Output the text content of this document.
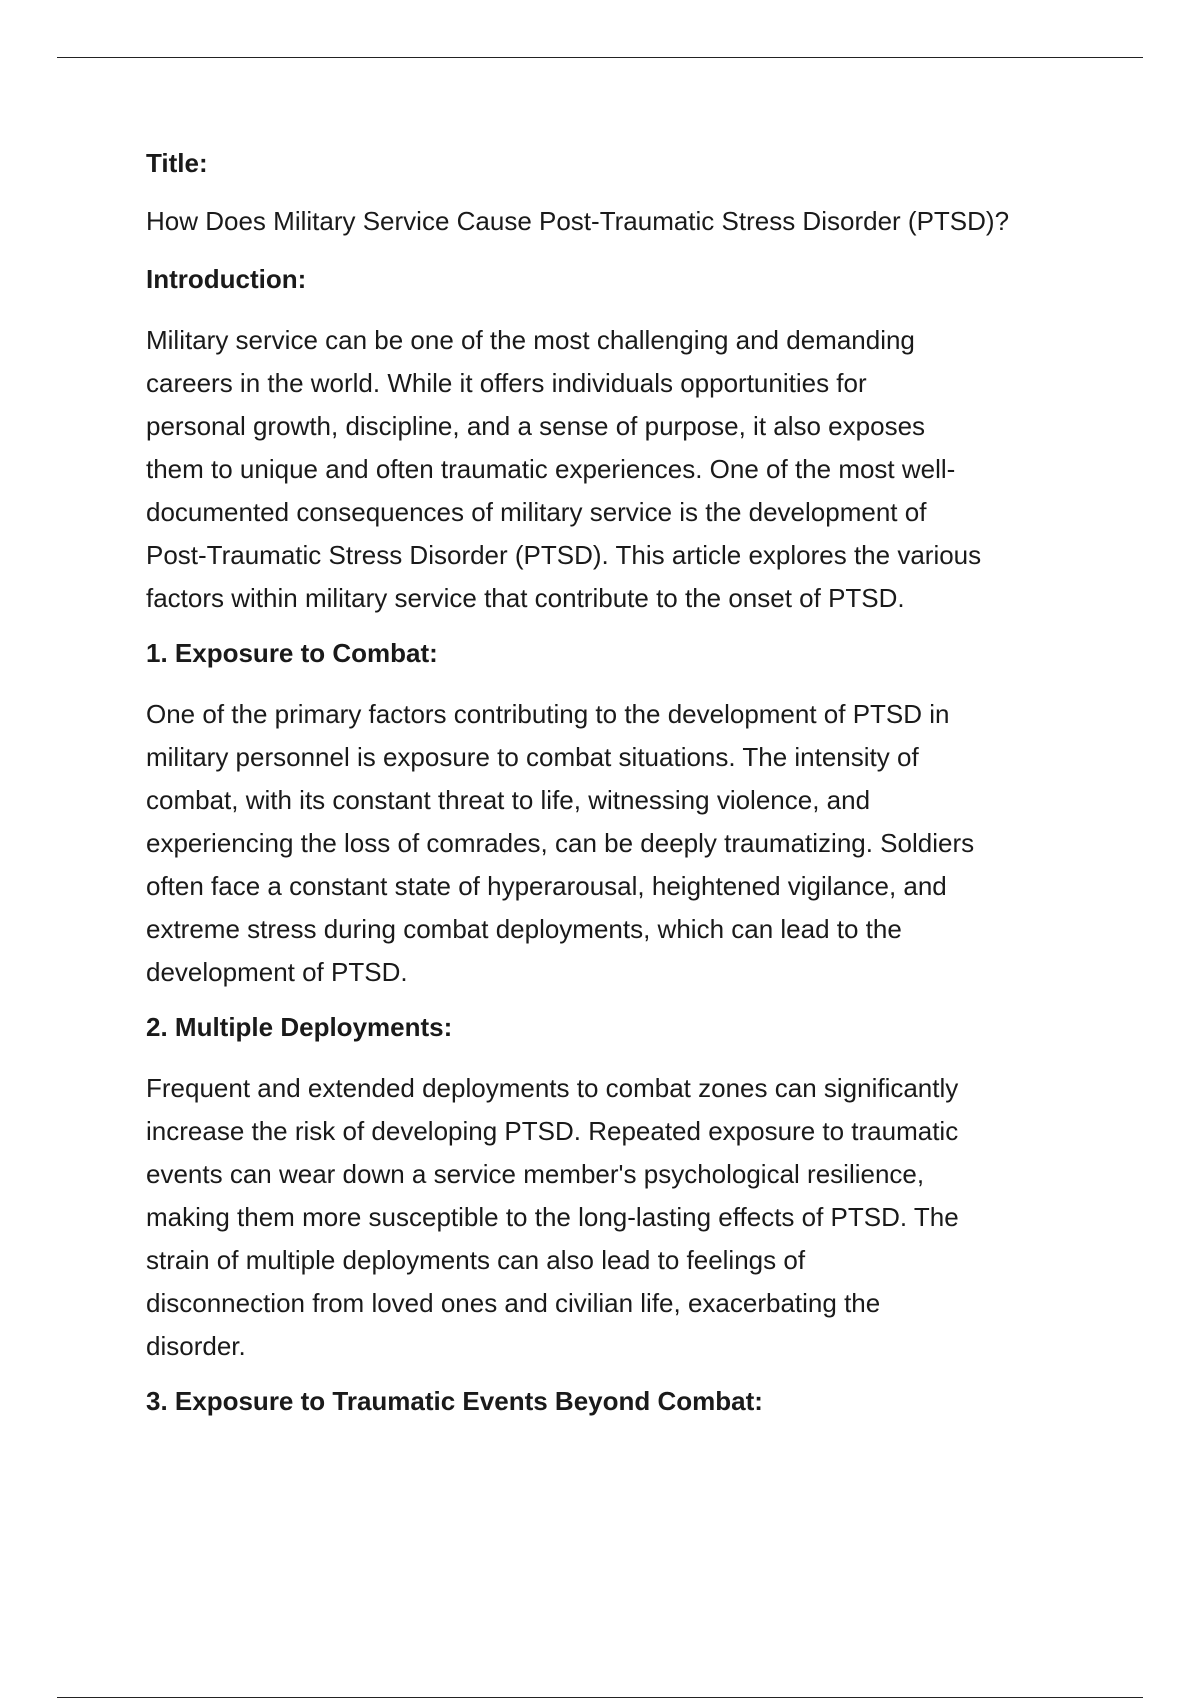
Title:
How Does Military Service Cause Post-Traumatic Stress Disorder (PTSD)?
Introduction:
Military service can be one of the most challenging and demanding
careers in the world. While it offers individuals opportunities for
personal growth, discipline, and a sense of purpose, it also exposes
them to unique and often traumatic experiences. One of the most well-
documented consequences of military service is the development of
Post-Traumatic Stress Disorder (PTSD). This article explores the various
factors within military service that contribute to the onset of PTSD.
1. Exposure to Combat:
One of the primary factors contributing to the development of PTSD in
military personnel is exposure to combat situations. The intensity of
combat, with its constant threat to life, witnessing violence, and
experiencing the loss of comrades, can be deeply traumatizing. Soldiers
often face a constant state of hyperarousal, heightened vigilance, and
extreme stress during combat deployments, which can lead to the
development of PTSD.
2. Multiple Deployments:
Frequent and extended deployments to combat zones can significantly
increase the risk of developing PTSD. Repeated exposure to traumatic
events can wear down a service member's psychological resilience,
making them more susceptible to the long-lasting effects of PTSD. The
strain of multiple deployments can also lead to feelings of
disconnection from loved ones and civilian life, exacerbating the
disorder.
3. Exposure to Traumatic Events Beyond Combat:
